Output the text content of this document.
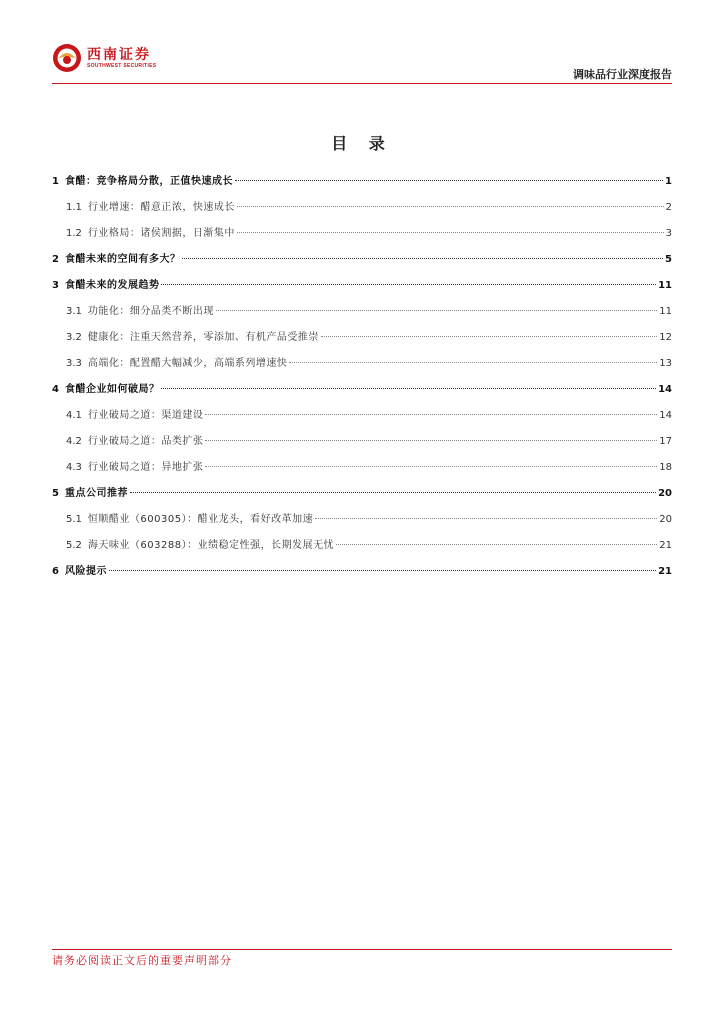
西南证券
SOUTHWEST SECURITIES
调味品行业深度报告
目 录
1 食醋：竞争格局分散，正值快速成长	1
1.1 行业增速：醋意正浓，快速成长	2
1.2 行业格局：诸侯割据，日渐集中	3
2 食醋未来的空间有多大？	5
3 食醋未来的发展趋势	11
3.1 功能化：细分品类不断出现	11
3.2 健康化：注重天然营养，零添加、有机产品受推崇	12
3.3 高端化：配置醋大幅减少，高端系列增速快	13
4 食醋企业如何破局？	14
4.1 行业破局之道：渠道建设	14
4.2 行业破局之道：品类扩张	17
4.3 行业破局之道：异地扩张	18
5 重点公司推荐	20
5.1 恒顺醋业（600305）：醋业龙头，看好改革加速	20
5.2 海天味业（603288）：业绩稳定性强，长期发展无忧	21
6 风险提示	21
请务必阅读正文后的重要声明部分
